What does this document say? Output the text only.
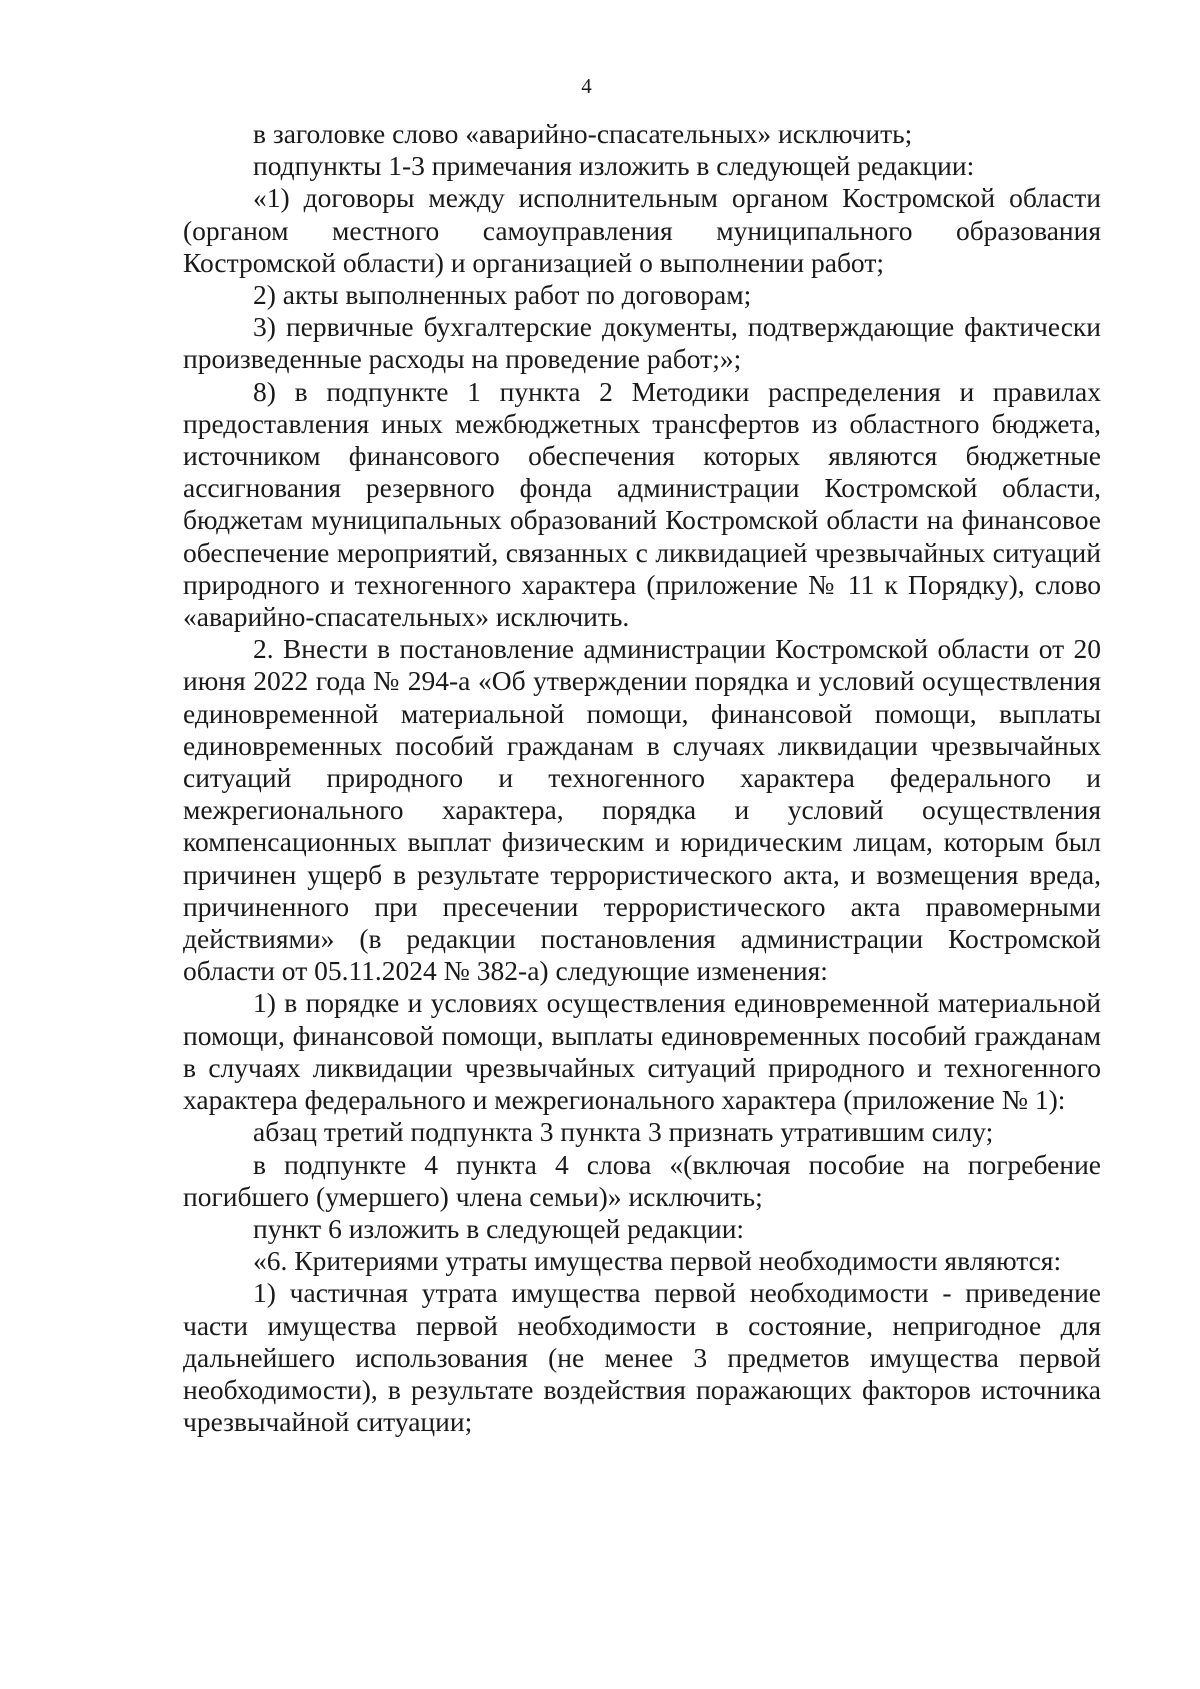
4

в заголовке слово «аварийно-спасательных» исключить;

подпункты 1-3 примечания изложить в следующей редакции:

«1) договоры между исполнительным органом Костромской области (органом местного самоуправления муниципального образования Костромской области) и организацией о выполнении работ;

2) акты выполненных работ по договорам;

3) первичные бухгалтерские документы, подтверждающие фактически произведенные расходы на проведение работ;»;

8) в подпункте 1 пункта 2 Методики распределения и правилах предоставления иных межбюджетных трансфертов из областного бюджета, источником финансового обеспечения которых являются бюджетные ассигнования резервного фонда администрации Костромской области, бюджетам муниципальных образований Костромской области на финансовое обеспечение мероприятий, связанных с ликвидацией чрезвычайных ситуаций природного и техногенного характера (приложение № 11 к Порядку), слово «аварийно-спасательных» исключить.

2. Внести в постановление администрации Костромской области от 20 июня 2022 года № 294-а «Об утверждении порядка и условий осуществления единовременной материальной помощи, финансовой помощи, выплаты единовременных пособий гражданам в случаях ликвидации чрезвычайных ситуаций природного и техногенного характера федерального и межрегионального характера, порядка и условий осуществления компенсационных выплат физическим и юридическим лицам, которым был причинен ущерб в результате террористического акта, и возмещения вреда, причиненного при пресечении террористического акта правомерными действиями» (в редакции постановления администрации Костромской области от 05.11.2024 № 382-а) следующие изменения:

1) в порядке и условиях осуществления единовременной материальной помощи, финансовой помощи, выплаты единовременных пособий гражданам в случаях ликвидации чрезвычайных ситуаций природного и техногенного характера федерального и межрегионального характера (приложение № 1):

абзац третий подпункта 3 пункта 3 признать утратившим силу;

в подпункте 4 пункта 4 слова «(включая пособие на погребение погибшего (умершего) члена семьи)» исключить;

пункт 6 изложить в следующей редакции:

«6. Критериями утраты имущества первой необходимости являются:

1) частичная утрата имущества первой необходимости - приведение части имущества первой необходимости в состояние, непригодное для дальнейшего использования (не менее 3 предметов имущества первой необходимости), в результате воздействия поражающих факторов источника чрезвычайной ситуации;
